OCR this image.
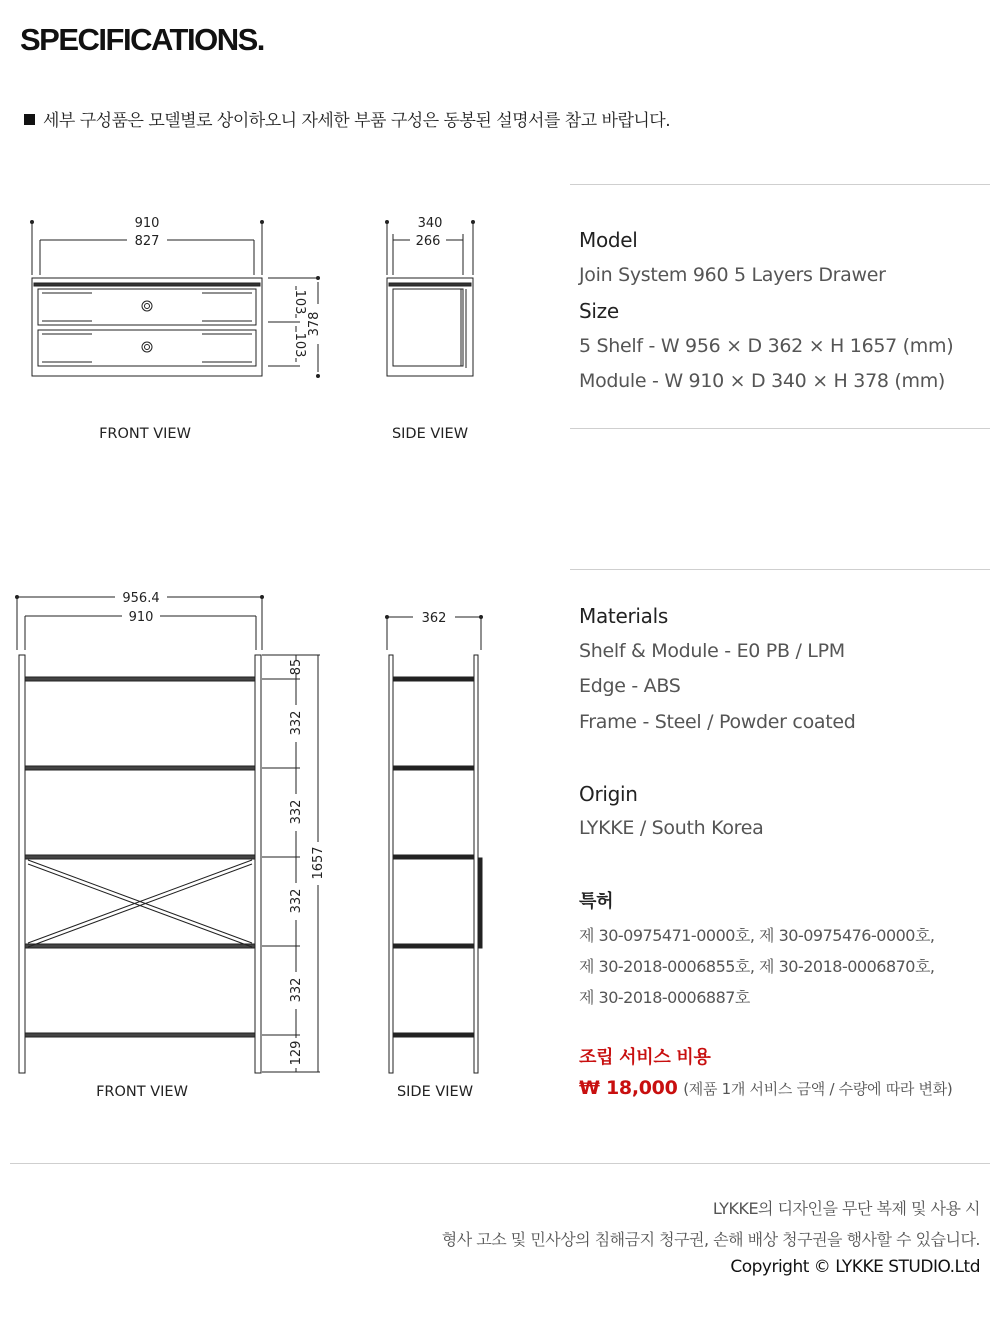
SPECIFICATIONS.
세부 구성품은 모델별로 상이하오니 자세한 부품 구성은 동봉된 설명서를 참고 바랍니다.
910
827
103
103
378
FRONT VIEW
340
266
SIDE VIEW
956.4
910
85
332
332
332
332
129
1657
FRONT VIEW
362
SIDE VIEW
Model
Join System 960 5 Layers Drawer
Size
5 Shelf - W 956 × D 362 × H 1657 (mm)
Module - W 910 × D 340 × H 378 (mm)
Materials
Shelf & Module - E0 PB / LPM
Edge - ABS
Frame - Steel / Powder coated
Origin
LYKKE / South Korea
특허
제 30-0975471-0000호, 제 30-0975476-0000호,
제 30-2018-0006855호, 제 30-2018-0006870호,
제 30-2018-0006887호
조립 서비스 비용
₩ 18,000 (제품 1개 서비스 금액 / 수량에 따라 변화)
LYKKE의 디자인을 무단 복제 및 사용 시
형사 고소 및 민사상의 침해금지 청구권, 손해 배상 청구권을 행사할 수 있습니다.
Copyright © LYKKE STUDIO.Ltd
